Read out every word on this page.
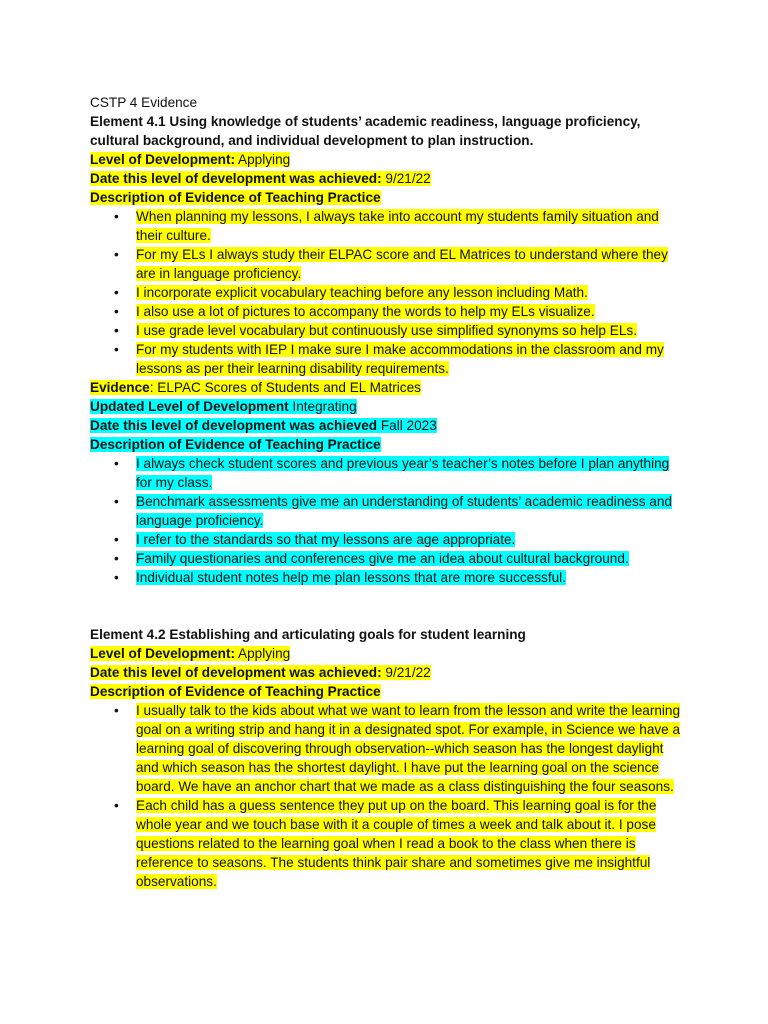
CSTP 4 Evidence

Element 4.1 Using knowledge of students’ academic readiness, language proficiency, cultural background, and individual development to plan instruction.

Level of Development: Applying

Date this level of development was achieved: 9/21/22

Description of Evidence of Teaching Practice

• When planning my lessons, I always take into account my students family situation and their culture.
• For my ELs I always study their ELPAC score and EL Matrices to understand where they are in language proficiency.
• I incorporate explicit vocabulary teaching before any lesson including Math.
• I also use a lot of pictures to accompany the words to help my ELs visualize.
• I use grade level vocabulary but continuously use simplified synonyms so help ELs.
• For my students with IEP I make sure I make accommodations in the classroom and my lessons as per their learning disability requirements.

Evidence: ELPAC Scores of Students and EL Matrices

Updated Level of Development Integrating

Date this level of development was achieved Fall 2023

Description of Evidence of Teaching Practice

• I always check student scores and previous year’s teacher’s notes before I plan anything for my class.
• Benchmark assessments give me an understanding of students’ academic readiness and language proficiency.
• I refer to the standards so that my lessons are age appropriate.
• Family questionaries and conferences give me an idea about cultural background.
• Individual student notes help me plan lessons that are more successful.

Element 4.2 Establishing and articulating goals for student learning

Level of Development: Applying

Date this level of development was achieved: 9/21/22

Description of Evidence of Teaching Practice

• I usually talk to the kids about what we want to learn from the lesson and write the learning goal on a writing strip and hang it in a designated spot. For example, in Science we have a learning goal of discovering through observation--which season has the longest daylight and which season has the shortest daylight. I have put the learning goal on the science board. We have an anchor chart that we made as a class distinguishing the four seasons.
• Each child has a guess sentence they put up on the board. This learning goal is for the whole year and we touch base with it a couple of times a week and talk about it. I pose questions related to the learning goal when I read a book to the class when there is reference to seasons. The students think pair share and sometimes give me insightful observations.
